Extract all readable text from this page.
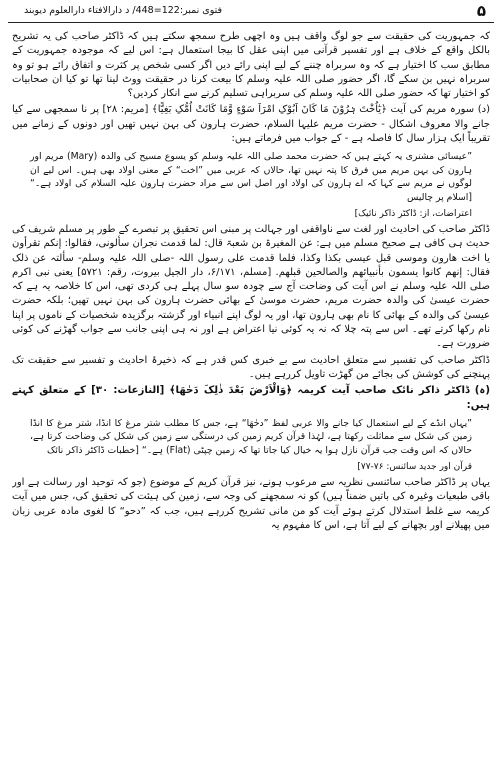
۵
فتوی نمبر:122=448/ د دارالافتاء دارالعلوم دیوبند

کہ جمہوریت کی حقیقت سے جو لوگ واقف ہیں وہ اچھی طرح سمجھ سکتے ہیں کہ ڈاکٹر صاحب کی یہ تشریح بالکل واقع کے خلاف ہے اور تفسیر قرآنی میں اپنی عقل کا بیجا استعمال ہے: اس لیے کہ موجودہ جمہوریت کے مطابق سب کا اختیار ہے کہ وہ سربراہ چننے کے لیے اپنی رائے دیں اگر کسی شخص پر کثرت و اتفاق رائے ہو تو وہ سربراہ نہیں بن سکے گا، اگر حضور صلی اللہ علیہ وسلم کا بیعت کرنا در حقیقت ووٹ لینا تھا تو کیا ان صحابیات کو اختیار تھا کہ حضور صلی اللہ علیہ وسلم کی سربراہی تسلیم کرنے سے انکار کردیں؟

(د) سورہ مریم کی آیت ﴿یٰٓاُخْتَ ہٰرُوْنَ مَا کَانَ اَبُوْکِ امْرَاَ سَوْءٍ وَّمَا کَانَتْ اُمُّکِ بَغِیًّا﴾ [مریم: ۲۸] پر نا سمجھی سے کیا جانے والا معروف اشکال - حضرت مریم علیہا السلام، حضرت ہارون کی بہن نہیں تھیں اور دونوں کے زمانے میں تقریباً ایک ہزار سال کا فاصلہ ہے - کے جواب میں فرماتے ہیں:

”عیسائی مشنری یہ کہتے ہیں کہ حضرت محمد صلی اللہ علیہ وسلم کو یسوع مسیح کی والدہ (Mary) مریم اور ہارون کی بہن مریم میں فرق کا پتہ نہیں تھا، حالاں کہ عربی میں ”اخت“ کے معنی اولاد بھی ہیں۔ اس لیے ان لوگوں نے مریم سے کہا کہ اے ہارون کی اولاد اور اصل اس سے مراد حضرت ہارون علیہ السلام کی اولاد ہے۔“ [اسلام پر چالیس
اعتراضات، از: ڈاکٹر ذاکر نائیک]

ڈاکٹر صاحب کی احادیث اور لغت سے ناواقفی اور جہالت پر مبنی اس تحقیق پر تبصرے کے طور پر مسلم شریف کی حدیث ہی کافی ہے صحیح مسلم میں ہے: عن المغیرۃ بن شعبۃ قال: لما قدمت نجران سألونی، فقالوا: إنکم تقرأون یا اخت ھارون وموسی قبل عیسی بکذا وکذا، فلما قدمت علی رسول اللہ -صلی اللہ علیہ وسلم- سألتہ عن ذلک فقال: إنھم کانوا یسمون بأنبیائھم والصالحین قبلھم. [مسلم، ۶/۱۷۱، دار الجیل بیروت، رقم: ۵۷۲۱] یعنی نبی اکرم صلی اللہ علیہ وسلم نے اس آیت کی وضاحت آج سے چودہ سو سال پہلے ہی کردی تھی، اس کا خلاصہ یہ ہے کہ حضرت عیسیٰ کی والدہ حضرت مریم، حضرت موسیٰ کے بھائی حضرت ہارون کی بہن نہیں تھیں؛ بلکہ حضرت عیسیٰ کی والدہ کے بھائی کا نام بھی ہارون تھا، اور یہ لوگ اپنے انبیاء اور گزشتہ برگزیدہ شخصیات کے ناموں پر اپنا نام رکھا کرتے تھے۔ اس سے پتہ چلا کہ نہ یہ کوئی نیا اعتراض ہے اور نہ ہی اپنی جانب سے جواب گھڑنے کی کوئی ضرورت ہے۔

ڈاکٹر صاحب کی تفسیر سے متعلق احادیث سے بے خبری کس قدر ہے کہ ذخیرۂ احادیث و تفسیر سے حقیقت تک پہنچنے کی کوشش کی بجائے من گھڑت تاویل کررہے ہیں۔

(ہ) ڈاکٹر ذاکر نائک صاحب آیت کریمہ ﴿وَالْاَرْضَ بَعْدَ ذٰلِکَ دَحٰھَا﴾ [النازعات: ۳۰] کے متعلق کہتے ہیں:

”یہاں انڈے کے لیے استعمال کیا جانے والا عربی لفظ ”دحٰھَا“ ہے، جس کا مطلب شتر مرغ کا انڈا، شتر مرغ کا انڈا زمین کی شکل سے مماثلت رکھتا ہے، لہٰذا قرآن کریم زمین کی درستگی سے زمین کی شکل کی وضاحت کرتا ہے، حالاں کہ اس وقت جب قرآن نازل ہوا یہ خیال کیا جاتا تھا کہ زمین چپٹی (Flat) ہے۔“ [خطبات ڈاکٹر ذاکر نائک
قرآن اور جدید سائنس: ۷۶-۷۷]

یہاں پر ڈاکٹر صاحب سائنسی نظریہ سے مرعوب ہونے، نیز قرآن کریم کے موضوع (جو کہ توحید اور رسالت ہے اور باقی طبعیات وغیرہ کی باتیں ضمناً ہیں) کو نہ سمجھنے کی وجہ سے، زمین کی ہیئت کی تحقیق کی، جس میں آیت کریمہ سے غلط استدلال کرتے ہوئے آیت کو من مانی تشریح کررہے ہیں، جب کہ ”دحو“ کا لغوی مادہ عربی زبان میں پھیلانے اور بچھانے کے لیے آتا ہے، اس کا مفہوم یہ
